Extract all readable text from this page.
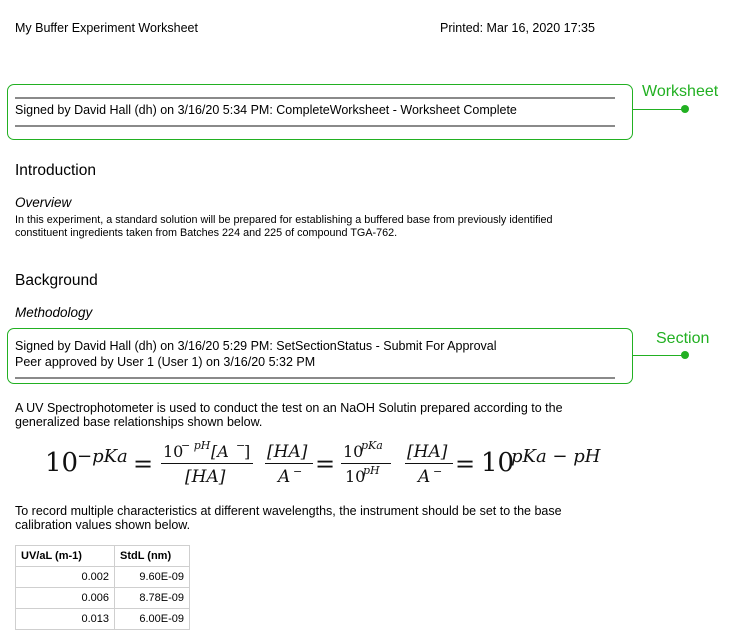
My Buffer Experiment Worksheet	Printed: Mar 16, 2020 17:35
Signed by David Hall (dh) on 3/16/20 5:34 PM: CompleteWorksheet - Worksheet Complete
Worksheet
Introduction
Overview
In this experiment, a standard solution will be prepared for establishing a buffered base from previously identified
constituent ingredients taken from Batches 224 and 225 of compound TGA-762.
Background
Methodology
Signed by David Hall (dh) on 3/16/20 5:29 PM: SetSectionStatus - Submit For Approval
Peer approved by User 1 (User 1) on 3/16/20 5:32 PM
Section
A UV Spectrophotometer is used to conduct the test on an NaOH Solutin prepared according to the
generalized base relationships shown below.
10
−pKa = 10
− pH [A −
]
[HA]
[HA]
A − = 10
pKa
10
pH
[HA]
A − = 10
pKa − pH
To record multiple characteristics at different wavelengths, the instrument should be set to the base
calibration values shown below.
UV/aL (m-1)	StdL (nm)
0.002	9.60E-09
0.006	8.78E-09
0.013	6.00E-09
